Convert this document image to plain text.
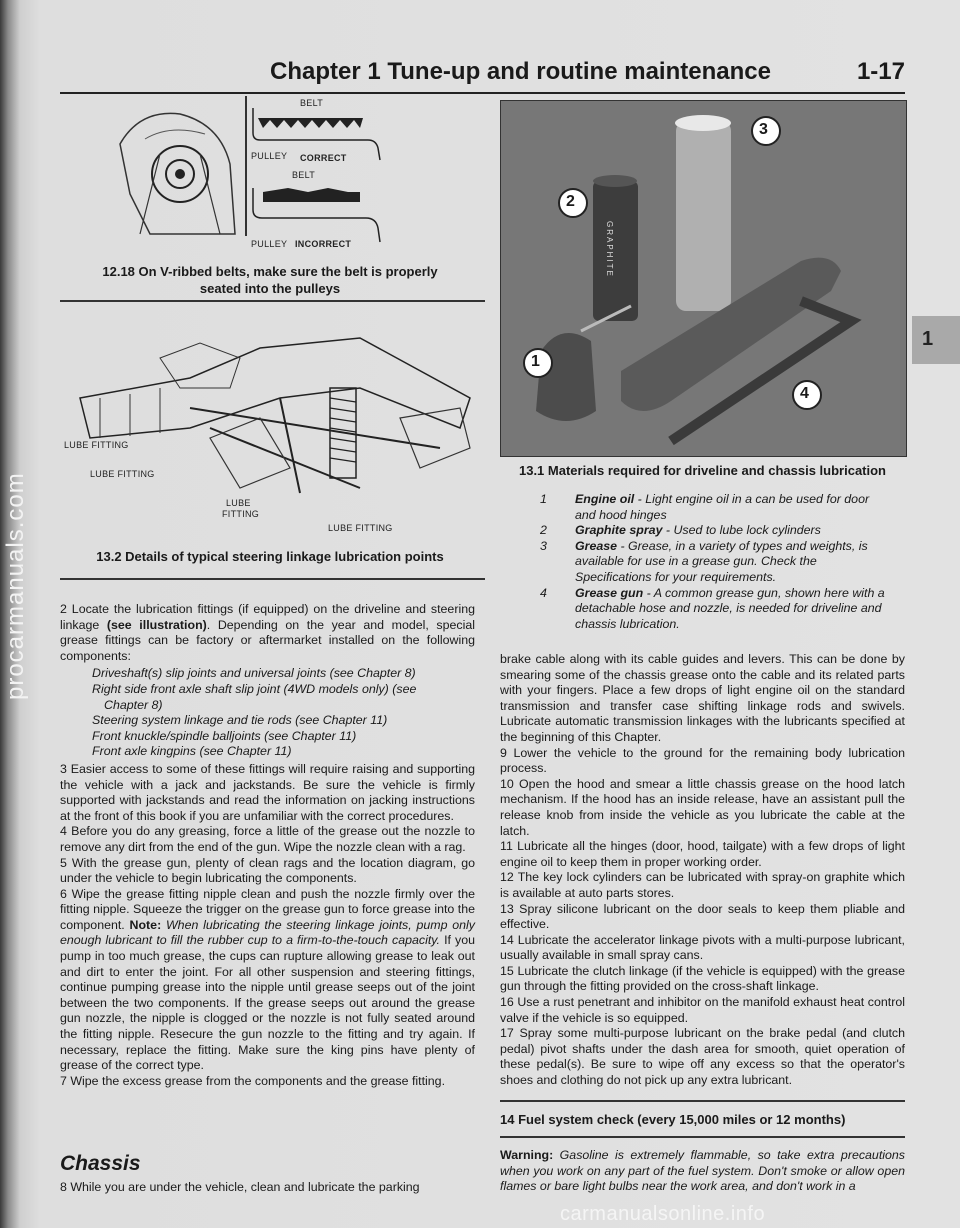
procarmanuals.com
carmanualsonline.info
Chapter 1 Tune-up and routine maintenance	1-17
1
BELT
PULLEY CORRECT
BELT
PULLEY INCORRECT
12.18 On V-ribbed belts, make sure the belt is properly
seated into the pulleys
LUBE FITTING
LUBE FITTING
LUBE
FITTING
LUBE FITTING
13.2 Details of typical steering linkage lubrication points

2 Locate the lubrication fittings (if equipped) on the driveline and steering linkage (see illustration). Depending on the year and model, special grease fittings can be factory or aftermarket installed on the following components:

Driveshaft(s) slip joints and universal joints (see Chapter 8)
Right side front axle shaft slip joint (4WD models only) (see
Chapter 8)
Steering system linkage and tie rods (see Chapter 11)
Front knuckle/spindle balljoints (see Chapter 11)
Front axle kingpins (see Chapter 11)

3 Easier access to some of these fittings will require raising and supporting the vehicle with a jack and jackstands. Be sure the vehicle is firmly supported with jackstands and read the information on jacking instructions at the front of this book if you are unfamiliar with the correct procedures.

4 Before you do any greasing, force a little of the grease out the nozzle to remove any dirt from the end of the gun. Wipe the nozzle clean with a rag.

5 With the grease gun, plenty of clean rags and the location diagram, go under the vehicle to begin lubricating the components.

6 Wipe the grease fitting nipple clean and push the nozzle firmly over the fitting nipple. Squeeze the trigger on the grease gun to force grease into the component. Note: When lubricating the steering linkage joints, pump only enough lubricant to fill the rubber cup to a firm-to-the-touch capacity. If you pump in too much grease, the cups can rupture allowing grease to leak out and dirt to enter the joint. For all other suspension and steering fittings, continue pumping grease into the nipple until grease seeps out of the joint between the two components. If the grease seeps out around the grease gun nozzle, the nipple is clogged or the nozzle is not fully seated around the fitting nipple. Resecure the gun nozzle to the fitting and try again. If necessary, replace the fitting. Make sure the king pins have plenty of grease of the correct type.

7 Wipe the excess grease from the components and the grease fitting.

Chassis
8 While you are under the vehicle, clean and lubricate the parking
3
2
1
4
GRAPHITE
13.1 Materials required for driveline and chassis lubrication
1 Engine oil - Light engine oil in a can be used for door
and hood hinges
2 Graphite spray - Used to lube lock cylinders
3 Grease - Grease, in a variety of types and weights, is
available for use in a grease gun. Check the
Specifications for your requirements.
4 Grease gun - A common grease gun, shown here with a
detachable hose and nozzle, is needed for driveline and
chassis lubrication.

brake cable along with its cable guides and levers. This can be done by smearing some of the chassis grease onto the cable and its related parts with your fingers. Place a few drops of light engine oil on the standard transmission and transfer case shifting linkage rods and swivels. Lubricate automatic transmission linkages with the lubricants specified at the beginning of this Chapter.

9 Lower the vehicle to the ground for the remaining body lubrication process.

10 Open the hood and smear a little chassis grease on the hood latch mechanism. If the hood has an inside release, have an assistant pull the release knob from inside the vehicle as you lubricate the cable at the latch.

11 Lubricate all the hinges (door, hood, tailgate) with a few drops of light engine oil to keep them in proper working order.

12 The key lock cylinders can be lubricated with spray-on graphite which is available at auto parts stores.

13 Spray silicone lubricant on the door seals to keep them pliable and effective.

14 Lubricate the accelerator linkage pivots with a multi-purpose lubricant, usually available in small spray cans.

15 Lubricate the clutch linkage (if the vehicle is equipped) with the grease gun through the fitting provided on the cross-shaft linkage.

16 Use a rust penetrant and inhibitor on the manifold exhaust heat control valve if the vehicle is so equipped.

17 Spray some multi-purpose lubricant on the brake pedal (and clutch pedal) pivot shafts under the dash area for smooth, quiet operation of these pedal(s). Be sure to wipe off any excess so that the operator's shoes and clothing do not pick up any extra lubricant.

14 Fuel system check (every 15,000 miles or 12 months)
Warning: Gasoline is extremely flammable, so take extra precautions when you work on any part of the fuel system. Don't smoke or allow open flames or bare light bulbs near the work area, and don't work in a
